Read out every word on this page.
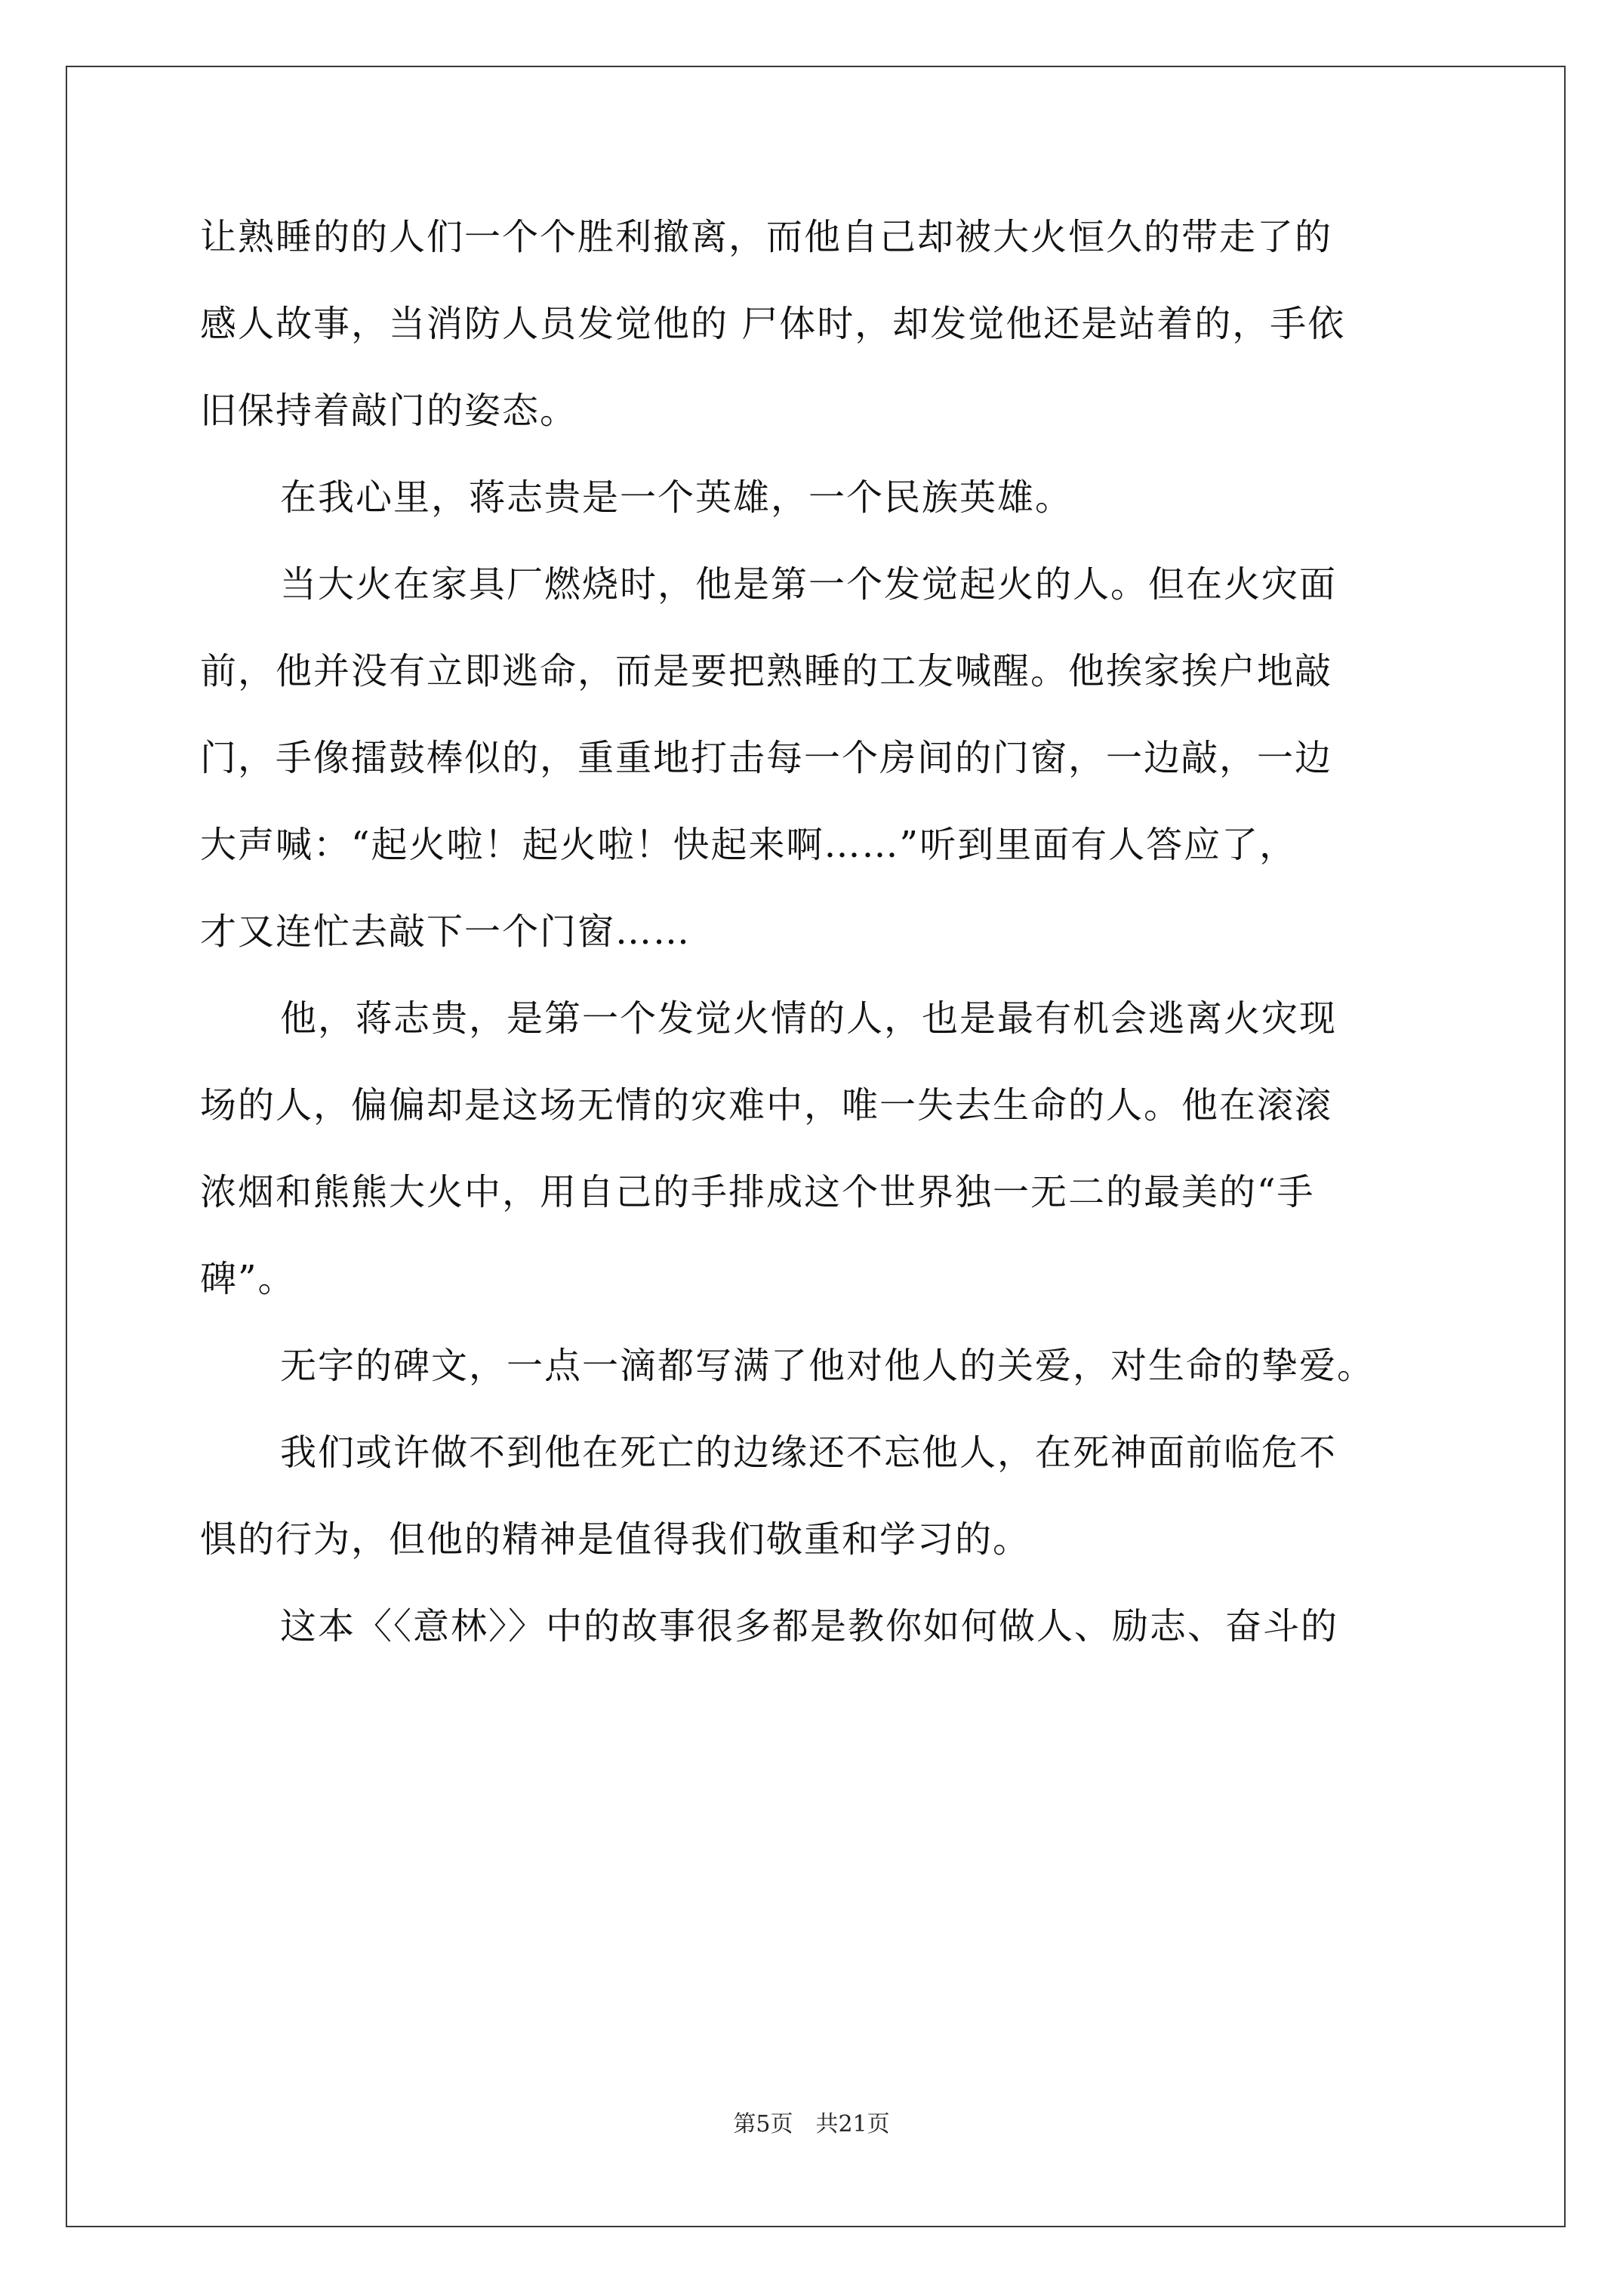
让熟睡的的人们一个个胜利撤离，而他自己却被大火恒久的带走了的
感人故事，当消防人员发觉他的 尸体时，却发觉他还是站着的，手依
旧保持着敲门的姿态。
在我心里，蒋志贵是一个英雄，一个民族英雄。
当大火在家具厂燃烧时，他是第一个发觉起火的人。但在火灾面
前，他并没有立即逃命，而是要把熟睡的工友喊醒。他挨家挨户地敲
门，手像擂鼓棒似的，重重地打击每一个房间的门窗，一边敲，一边
大声喊：“起火啦！起火啦！快起来啊……”听到里面有人答应了，
才又连忙去敲下一个门窗……
他，蒋志贵，是第一个发觉火情的人，也是最有机会逃离火灾现
场的人，偏偏却是这场无情的灾难中，唯一失去生命的人。他在滚滚
浓烟和熊熊大火中，用自己的手排成这个世界独一无二的最美的“手
碑”。
无字的碑文，一点一滴都写满了他对他人的关爱，对生命的挚爱。
我们或许做不到他在死亡的边缘还不忘他人，在死神面前临危不
惧的行为，但他的精神是值得我们敬重和学习的。
这本〈〈意林〉〉中的故事很多都是教你如何做人、励志、奋斗的
第5页　共21页
